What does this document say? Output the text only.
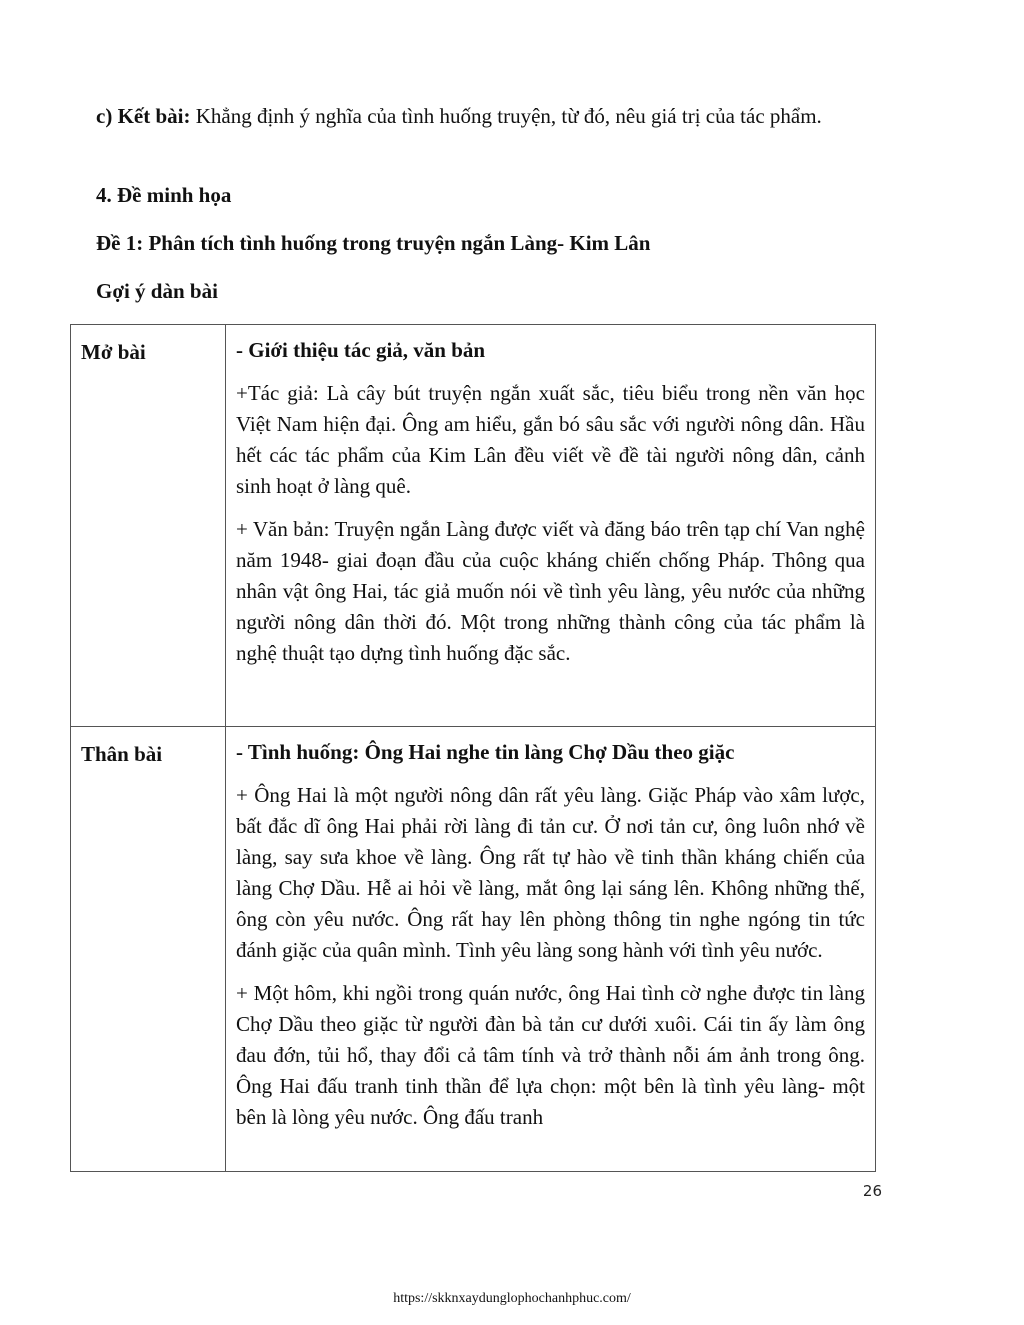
c) Kết bài: Khẳng định ý nghĩa của tình huống truyện, từ đó, nêu giá trị của tác phẩm.
4. Đề minh họa
Đề 1: Phân tích tình huống trong truyện ngắn Làng- Kim Lân
Gợi ý dàn bài
Mở bài	- Giới thiệu tác giả, văn bản

+Tác giả: Là cây bút truyện ngắn xuất sắc, tiêu biểu trong nền văn học Việt Nam hiện đại. Ông am hiểu, gắn bó sâu sắc với người nông dân. Hầu hết các tác phẩm của Kim Lân đều viết về đề tài người nông dân, cảnh sinh hoạt ở làng quê.

+ Văn bản: Truyện ngắn Làng được viết và đăng báo trên tạp chí Van nghệ năm 1948- giai đoạn đầu của cuộc kháng chiến chống Pháp. Thông qua nhân vật ông Hai, tác giả muốn nói về tình yêu làng, yêu nước của những người nông dân thời đó. Một trong những thành công của tác phẩm là nghệ thuật tạo dựng tình huống đặc sắc.

Thân bài	- Tình huống: Ông Hai nghe tin làng Chợ Dầu theo giặc

+ Ông Hai là một người nông dân rất yêu làng. Giặc Pháp vào xâm lược, bất đắc dĩ ông Hai phải rời làng đi tản cư. Ở nơi tản cư, ông luôn nhớ về làng, say sưa khoe về làng. Ông rất tự hào về tinh thần kháng chiến của làng Chợ Dầu. Hễ ai hỏi về làng, mắt ông lại sáng lên. Không những thế, ông còn yêu nước. Ông rất hay lên phòng thông tin nghe ngóng tin tức đánh giặc của quân mình. Tình yêu làng song hành với tình yêu nước.

+ Một hôm, khi ngồi trong quán nước, ông Hai tình cờ nghe được tin làng Chợ Dầu theo giặc từ người đàn bà tản cư dưới xuôi. Cái tin ấy làm ông đau đớn, tủi hổ, thay đổi cả tâm tính và trở thành nỗi ám ảnh trong ông. Ông Hai đấu tranh tinh thần để lựa chọn: một bên là tình yêu làng- một bên là lòng yêu nước. Ông đấu tranh

26
https://skknxaydunglophochanhphuc.com/
